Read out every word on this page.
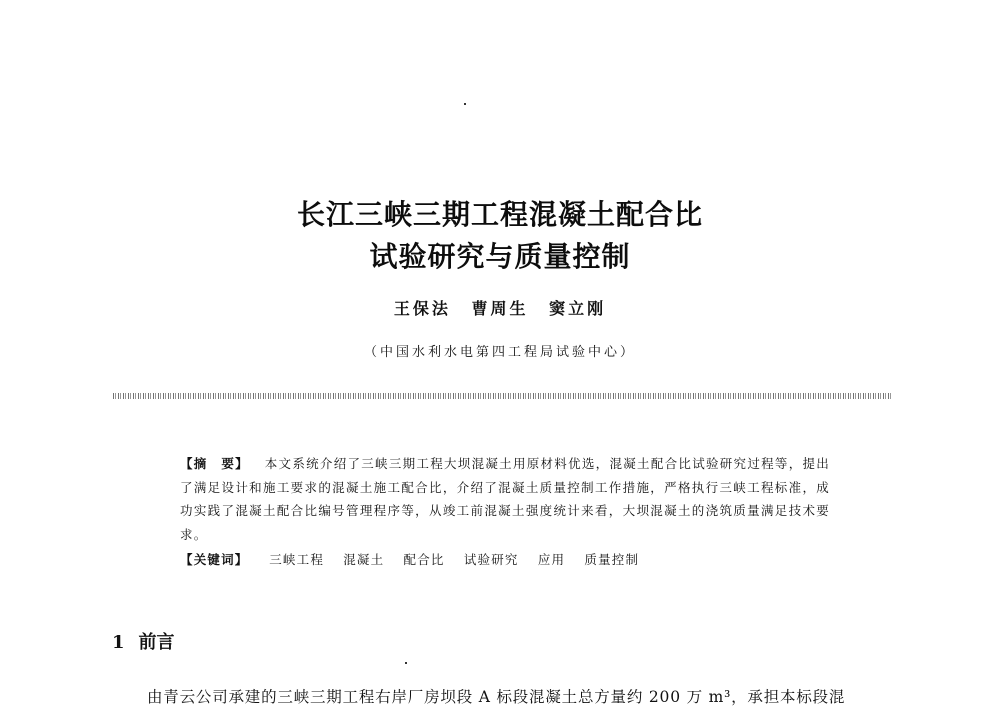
长江三峡三期工程混凝土配合比
试验研究与质量控制
王保法 曹周生 窦立刚
（中国水利水电第四工程局试验中心）

【摘　要】 本文系统介绍了三峡三期工程大坝混凝土用原材料优选，混凝土配合比试验研究过程等，提出了满足设计和施工要求的混凝土施工配合比，介绍了混凝土质量控制工作措施，严格执行三峡工程标准，成功实践了混凝土配合比编号管理程序等，从竣工前混凝土强度统计来看，大坝混凝土的浇筑质量满足技术要求。

【关键词】 三峡工程 混凝土 配合比 试验研究 应用 质量控制
1 前言

由青云公司承建的三峡三期工程右岸厂房坝段 A 标段混凝土总方量约 200 万 m³，承担本标段混
